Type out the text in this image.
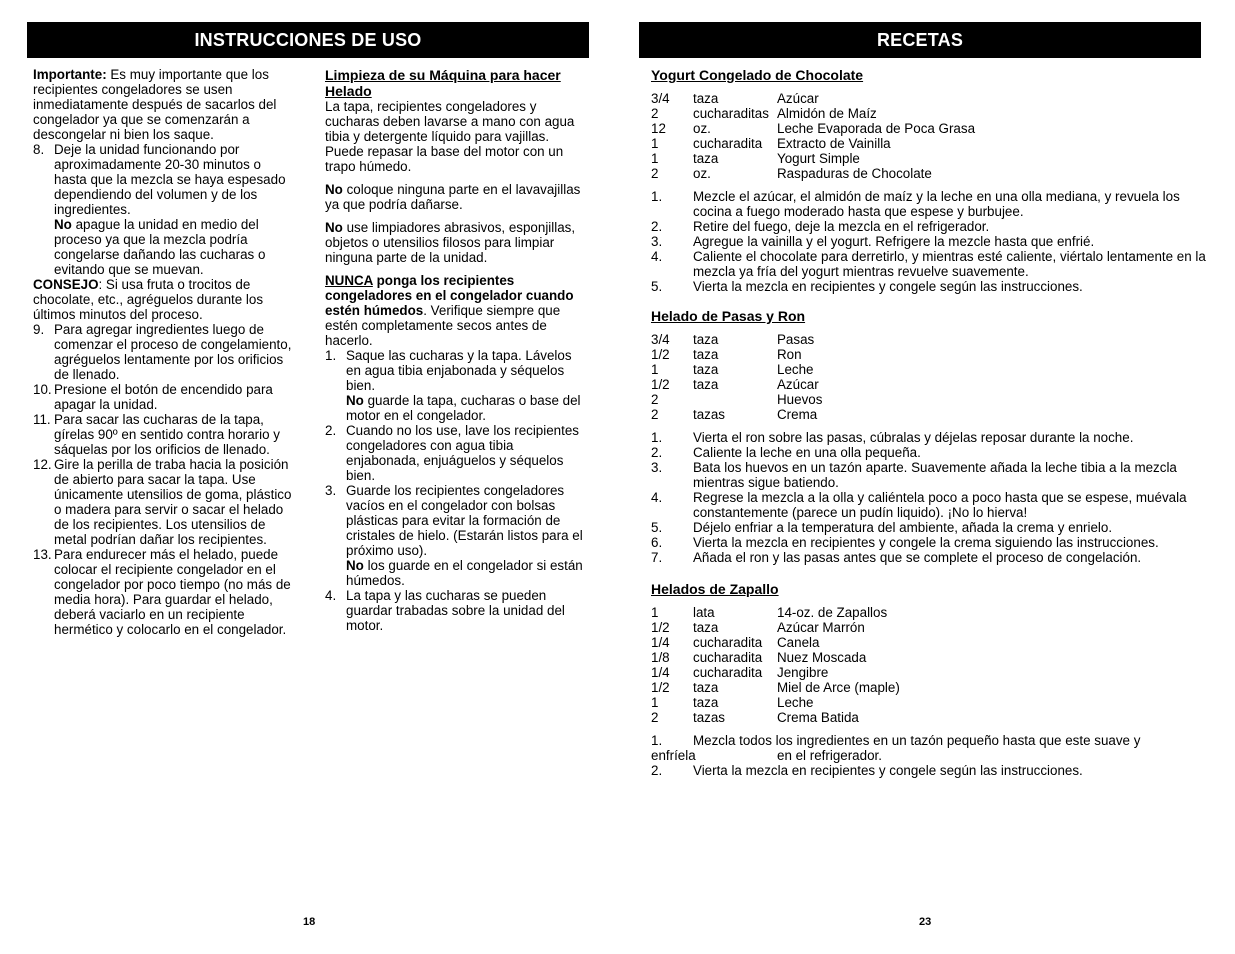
INSTRUCCIONES DE USO

Importante: Es muy importante que los recipientes congeladores se usen inmediatamente después de sacarlos del congelador ya que se comenzarán a descongelar ni bien los saque.

8. Deje la unidad funcionando por aproximadamente 20-30 minutos o hasta que la mezcla se haya espesado dependiendo del volumen y de los ingredientes.
No apague la unidad en medio del proceso ya que la mezcla podría congelarse dañando las cucharas o evitando que se muevan.

CONSEJO: Si usa fruta o trocitos de chocolate, etc., agréguelos durante los últimos minutos del proceso.

9. Para agregar ingredientes luego de comenzar el proceso de congelamiento, agréguelos lentamente por los orificios de llenado.
10. Presione el botón de encendido para apagar la unidad.
11. Para sacar las cucharas de la tapa, gírelas 90º en sentido contra horario y sáquelas por los orificios de llenado.
12. Gire la perilla de traba hacia la posición de abierto para sacar la tapa. Use únicamente utensilios de goma, plástico o madera para servir o sacar el helado de los recipientes. Los utensilios de metal podrían dañar los recipientes.
13. Para endurecer más el helado, puede colocar el recipiente congelador en el congelador por poco tiempo (no más de media hora). Para guardar el helado, deberá vaciarlo en un recipiente hermético y colocarlo en el congelador.

Limpieza de su Máquina para hacer Helado

La tapa, recipientes congeladores y cucharas deben lavarse a mano con agua tibia y detergente líquido para vajillas. Puede repasar la base del motor con un trapo húmedo.

No coloque ninguna parte en el lavavajillas ya que podría dañarse.

No use limpiadores abrasivos, esponjillas, objetos o utensilios filosos para limpiar ninguna parte de la unidad.

NUNCA ponga los recipientes congeladores en el congelador cuando estén húmedos. Verifique siempre que estén completamente secos antes de hacerlo.

1. Saque las cucharas y la tapa. Lávelos en agua tibia enjabonada y séquelos bien.
No guarde la tapa, cucharas o base del motor en el congelador.
2. Cuando no los use, lave los recipientes congeladores con agua tibia enjabonada, enjuáguelos y séquelos bien.
3. Guarde los recipientes congeladores vacíos en el congelador con bolsas plásticas para evitar la formación de cristales de hielo. (Estarán listos para el próximo uso).
No los guarde en el congelador si están húmedos.
4. La tapa y las cucharas se pueden guardar trabadas sobre la unidad del motor.
18
RECETAS

Yogurt Congelado de Chocolate

3/4	taza	Azúcar
2	cucharaditas Almidón de Maíz
12	oz.	Leche Evaporada de Poca Grasa
1	cucharadita	Extracto de Vainilla
1	taza	Yogurt Simple
2	oz.	Raspaduras de Chocolate
1.	Mezcle el azúcar, el almidón de maíz y la leche en una olla mediana, y revuela los cocina a fuego moderado hasta que espese y burbujee.
2.	Retire del fuego, deje la mezcla en el refrigerador.
3.	Agregue la vainilla y el yogurt. Refrigere la mezcle hasta que enfrié.
4.	Caliente el chocolate para derretirlo, y mientras esté caliente, viértalo lentamente en la mezcla ya fría del yogurt mientras revuelve suavemente.
5.	Vierta la mezcla en recipientes y congele según las instrucciones.

Helado de Pasas y Ron

3/4	taza	Pasas
1/2	taza	Ron
1	taza	Leche
1/2	taza	Azúcar
2	Huevos
2	tazas	Crema
1.	Vierta el ron sobre las pasas, cúbralas y déjelas reposar durante la noche.
2.	Caliente la leche en una olla pequeña.
3.	Bata los huevos en un tazón aparte. Suavemente añada la leche tibia a la mezcla mientras sigue batiendo.
4.	Regrese la mezcla a la olla y caliéntela poco a poco hasta que se espese, muévala constantemente (parece un pudín liquido). ¡No lo hierva!
5.	Déjelo enfriar a la temperatura del ambiente, añada la crema y enrielo.
6.	Vierta la mezcla en recipientes y congele la crema siguiendo las instrucciones.
7.	Añada el ron y las pasas antes que se complete el proceso de congelación.

Helados de Zapallo

1	lata	14-oz. de Zapallos
1/2	taza	Azúcar Marrón
1/4	cucharadita	Canela
1/8	cucharadita	Nuez Moscada
1/4	cucharadita	Jengibre
1/2	taza	Miel de Arce (maple)
1	taza	Leche
2	tazas	Crema Batida
1.	Mezcla todos los ingredientes en un tazón pequeño hasta que este suave y
enfríela	en el refrigerador.
2.	Vierta la mezcla en recipientes y congele según las instrucciones.
23
